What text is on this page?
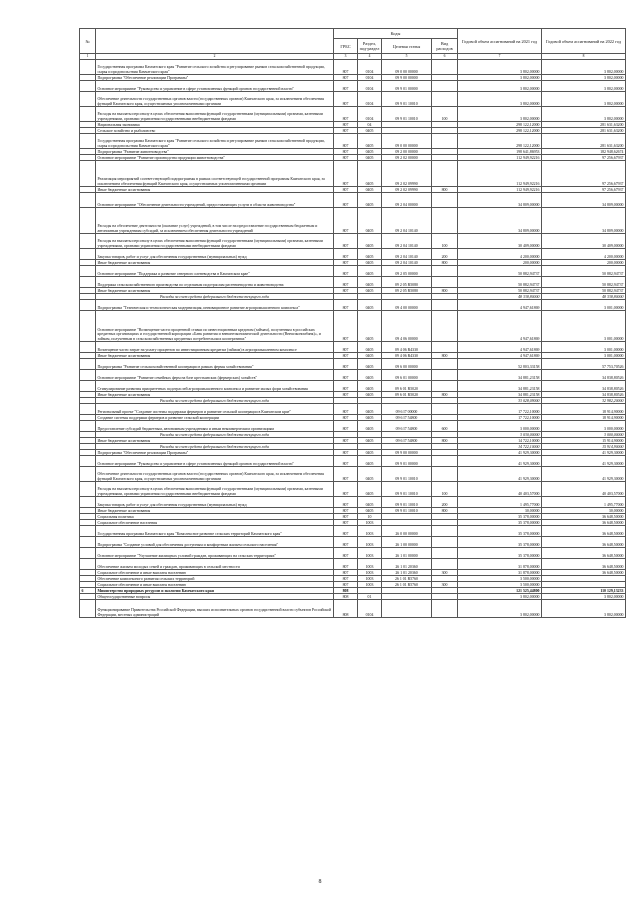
№		Коды				Годовой объем ассигнований на 2021 год	Годовой объем ассигнований на 2022 год
		ГРБС	Раздел, под-раздел	Целевая статья	Вид расходов		
1	2	3	4	5	6	7	8
	Государственная программа Камчатского края "Развитие сельского хозяйства и регулирование рынков сельскохозяйственной продукции, сырья и продовольствия Камчатского края"	807	0104	09 0 00 00000		3 802,00000	3 802,00000
	Подпрограмма "Обеспечение реализации Программы"	807	0104	09 9 00 00000		3 802,00000	3 802,00000
	Основное мероприятие "Руководство и управление в сфере установленных функций органов государственной власти"	807	0104	09 9 01 00000		3 802,00000	3 802,00000
	Обеспечение деятельности государственных органов власти (государственных органов) Камчатского края, за исключением обеспечения функций Камчатского края, осуществляемых уполномоченными органами	807	0104	09 9 01 10010		3 802,00000	3 802,00000
	Расходы на выплаты персоналу в целях обеспечения выполнения функций государственными (муниципальными) органами, казенными учреждениями, органами управления государственными внебюджетными фондами	807	0104	09 9 01 10010	100	3 802,00000	3 802,00000
	Национальная экономика	807	04			298 122,12000	281 631,63200
	Сельское хозяйство и рыболовство	807	0405			298 122,12000	281 631,63200
	Государственная программа Камчатского края "Развитие сельского хозяйства и регулирование рынков сельскохозяйственной продукции, сырья и продовольствия Камчатского края"	807	0405	09 0 00 00000		298 122,12000	281 631,63200
	Подпрограмма "Развитие животноводства"	807	0405	09 2 00 00000		198 641,86953	182 948,62674
	Основное мероприятие "Развитие производства продукции животноводства"	807	0405	09 2 02 00000		112 949,92216	97 256,67937
	Реализация мероприятий соответствующей подпрограммы в рамках соответствующей государственной программы Камчатского края, за исключением обеспечения функций Камчатского края, осуществляемых уполномоченными органами	807	0405	09 2 02 09990		112 949,92216	97 256,67937
	Иные бюджетные ассигнования	807	0405	09 2 02 09990	800	112 949,92216	97 256,67937
	Основное мероприятие "Обеспечение деятельности учреждений, предоставляющих услуги в области животноводства"	807	0405	09 2 04 00000		34 809,00000	34 809,00000
	Расходы на обеспечение деятельности (оказание услуг) учреждений, в том числе на предоставление государственным бюджетным и автономным учреждениям субсидий, за исключением обеспечения деятельности учреждений	807	0405	09 2 04 10140		34 809,00000	34 809,00000
	Расходы на выплаты персоналу в целях обеспечения выполнения функций государственными (муниципальными) органами, казенными учреждениями, органами управления государственными внебюджетными фондами	807	0405	09 2 04 10140	100	30 409,00000	30 409,00000
	Закупка товаров, работ и услуг для обеспечения государственных (муниципальных) нужд	807	0405	09 2 04 10140	200	4 200,00000	4 200,00000
	Иные бюджетные ассигнования	807	0405	09 2 04 10140	800	200,00000	200,00000
	Основное мероприятие "Поддержка и развитие северного оленеводства в Камчатском крае"	807	0405	09 2 05 00000		50 882,94737	50 882,94737
	Поддержка сельскохозяйственного производства по отдельным подотраслям растениеводства и животноводства	807	0405	09 2 05 R5080		50 882,94737	50 882,94737
	Иные бюджетные ассигнования	807	0405	09 2 05 R5080	800	50 882,94737	50 882,94737
	Расходы за счет средств федерального бюджета текущего года					48 338,80000	48 338,80000
	Подпрограмма "Техническая и технологическая модернизация, инновационное развитие агропромышленного комплекса"	807	0405	09 4 00 00000		4 947,61869	3 001,00000
	Основное мероприятие "Возмещение части процентной ставки по инвестиционным кредитам (займам), полученным в российских кредитных организациях и государственной корпорации «Банк развития и внешнеэкономической деятельности (Внешэкономбанк)», и займам, полученным в сельскохозяйственных кредитных потребительских кооперативах"	807	0405	09 4 06 00000		4 947,61869	3 001,00000
	Возмещение части затрат на уплату процентов по инвестиционным кредитам (займам) в агропромышленном комплексе	807	0405	09 4 06 R4330		4 947,61869	3 001,00000
	Иные бюджетные ассигнования	807	0405	09 4 06 R4330	800	4 947,61869	3 001,00000
	Подпрограмма "Развитие сельскохозяйственной кооперации в рамках фермы хозяйствования"	807	0405	09 6 00 00000		52 803,33158	57 753,70526
	Основное мероприятие "Развитие семейных ферм на базе крестьянских (фермерских) хозяйств"	807	0405	09 6 01 00000		34 881,23158	34 838,80526
	Стимулирование развития приоритетных подотраслей агропромышленного комплекса и развитие малых форм хозяйствования	807	0405	09 6 01 R5020		34 881,23158	34 838,80526
	Иные бюджетные ассигнования	807	0405	09 6 01 R5020	800	34 881,23158	34 838,80526
	Расходы за счет средств федерального бюджета текущего года					33 028,09000	32 982,20000
	Региональный проект "Создание системы поддержки фермеров и развитие сельской кооперации в Камчатском крае"	807	0405	09 6 I7 00000		17 722,10000	18 914,90000
	Создание системы поддержки фермеров и развитие сельской кооперации	807	0405	09 6 I7 54800		17 722,10000	18 914,90000
	Предоставление субсидий бюджетным, автономным учреждениям и иным некоммерческим организациям	807	0405	09 6 I7 54800	600	3 000,00000	3 000,00000
	Расходы за счет средств федерального бюджета текущего года					3 030,00000	3 000,00000
	Иные бюджетные ассигнования	807	0405	09 6 I7 54800	800	14 722,10000	15 914,90000
	Расходы за счет средств федерального бюджета текущего года					14 722,10000	15 914,90000
	Подпрограмма "Обеспечение реализации Программы"	807	0405	09 9 00 00000		41 929,30000	41 929,30000
	Основное мероприятие "Руководство и управление в сфере установленных функций органов государственной власти"	807	0405	09 9 01 00000		41 929,30000	41 929,30000
	Обеспечение деятельности государственных органов власти (государственных органов) Камчатского края, за исключением обеспечения функций Камчатского края, осуществляемых уполномоченными органами	807	0405	09 9 01 10010		41 929,30000	41 929,30000
	Расходы на выплаты персоналу в целях обеспечения выполнения функций государственными (муниципальными) органами, казенными учреждениями, органами управления государственными внебюджетными фондами	807	0405	09 9 01 10010	100	40 403,57000	40 403,57000
	Закупка товаров, работ и услуг для обеспечения государственных (муниципальных) нужд	807	0405	09 9 01 10010	200	1 495,77000	1 495,77000
	Иные бюджетные ассигнования	807	0405	09 9 01 10010	800	30,00000	30,00000
	Социальная политика	807	10			35 378,00000	36 648,50000
	Социальное обеспечение населения	807	1003			35 378,00000	36 648,50000
	Государственная программа Камчатского края "Комплексное развитие сельских территорий Камчатского края"	807	1003	26 0 00 00000		35 378,00000	36 648,50000
	Подпрограмма "Создание условий для обеспечения доступным и комфортным жильем сельского населения"	807	1003	26 1 00 00000		35 378,00000	36 648,50000
	Основное мероприятие "Улучшение жилищных условий граждан, проживающих на сельских территориях"	807	1003	26 1 01 00000		35 378,00000	36 648,50000
	Обеспечение жильем молодых семей и граждан, проживающих в сельской местности	807	1003	26 1 01 20360		31 878,00000	36 648,50000
	Социальное обеспечение и иные выплаты населению	807	1003	26 1 01 20360	300	31 878,00000	36 648,50000
	Обеспечение комплексного развития сельских территорий	807	1003	26 1 01 R5760		3 500,00000	
	Социальное обеспечение и иные выплаты населению	807	1003	26 1 01 R5760	300	3 500,00000	
6	Министерство природных ресурсов и экологии Камчатского края	808				121 525,44800	110 129,13233
	Общегосударственные вопросы	808	01			3 802,00000	3 802,00000
	Функционирование Правительства Российской Федерации, высших исполнительных органов государственной власти субъектов Российской Федерации, местных администраций	808	0104			3 802,00000	3 802,00000
8
